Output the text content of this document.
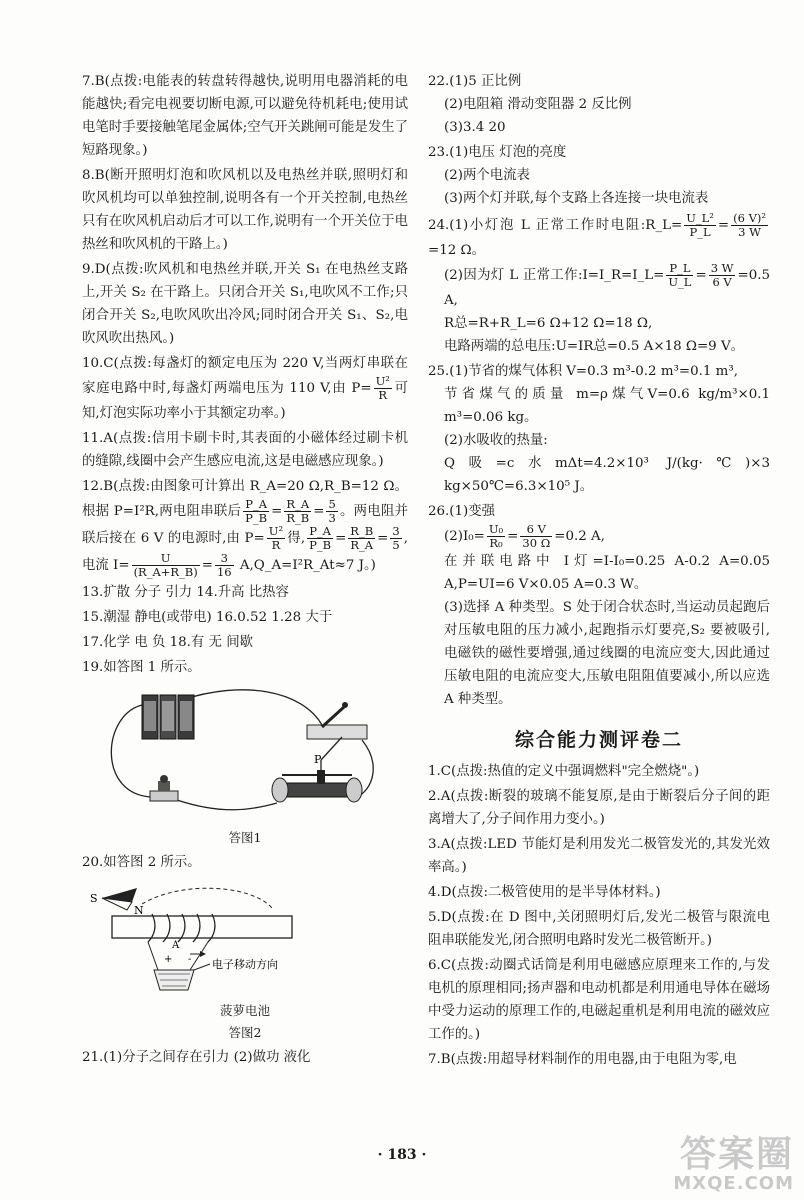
7.B(点拨:电能表的转盘转得越快,说明用电器消耗的电能越快;看完电视要切断电源,可以避免待机耗电;使用试电笔时手要接触笔尾金属体;空气开关跳闸可能是发生了短路现象。)

8.B(断开照明灯泡和吹风机以及电热丝并联,照明灯和吹风机均可以单独控制,说明各有一个开关控制,电热丝只有在吹风机启动后才可以工作,说明有一个开关位于电热丝和吹风机的干路上。)

9.D(点拨:吹风机和电热丝并联,开关 S₁ 在电热丝支路上,开关 S₂ 在干路上。只闭合开关 S₁,电吹风不工作;只闭合开关 S₂,电吹风吹出冷风;同时闭合开关 S₁、S₂,电吹风吹出热风。)

10.C(点拨:每盏灯的额定电压为 220 V,当两灯串联在家庭电路中时,每盏灯两端电压为 110 V,由 $P= \frac{\text{U²}}{R}$ 可知,灯泡实际功率小于其额定功率。)

11.A(点拨:信用卡刷卡时,其表面的小磁体经过刷卡机的缝隙,线圈中会产生感应电流,这是电磁感应现象。)

12.B(点拨:由图象可计算出 R_A=20 Ω,R_B=12 Ω。根据 P=I²R,两电阻串联后 $\frac{P\_A}{P\_B} = \frac{R\_A}{R\_B} = \frac{5}{3}$ 。两电阻并联后接在 6 V 的电源时,由 $P= \frac{\text{U²}}{R}$ 得, $\frac{P\_A}{P\_B} = \frac{R\_B}{R\_A} = \frac{3}{5}$ ,电流 $I= \frac{U}{(R\_A+R\_B)} = \frac{3}{16}$ A,Q_A=I²R_At≈7 J。)

13.扩散 分子 引力 14.升高 比热容

15.潮湿 静电(或带电) 16.0.52 1.28 大于

17.化学 电 负 18.有 无 间歇

19.如答图 1 所示。

P

答图1

20.如答图 2 所示。

S
N
A
+ - 电子移动方向

菠萝电池

答图2

21.(1)分子之间存在引力 (2)做功 液化

22.(1)5 正比例

(2)电阻箱 滑动变阻器 2 反比例

(3)3.4 20

23.(1)电压 灯泡的亮度

(2)两个电流表

(3)两个灯并联,每个支路上各连接一块电流表

24.(1)小灯泡 L 正常工作时电阻:R_L= $\frac{\text{U\_L²}}{P\_L} = \frac{\text{(6 V)²}}{3 W}$
=12 Ω。

(2)因为灯 L 正常工作:I=I_R=I_L= $\frac{P\_L}{U\_L} = \frac{3 W}{6 V} =0.5$ A,

R总=R+R_L=6 Ω+12 Ω=18 Ω,

电路两端的总电压:U=IR总=0.5 A×18 Ω=9 V。

25.(1)节省的煤气体积 V=0.3 m³-0.2 m³=0.1 m³,

节省煤气的质量 m=ρ煤气V=0.6 kg/m³×0.1 m³=0.06 kg。

(2)水吸收的热量:

Q吸=c水mΔt=4.2×10³ J/(kg·℃)×3 kg×50℃=6.3×10⁵ J。

26.(1)变强

$(2)I_0= \frac{\text{U₀}}{\text{R₀}} = \frac{6 V}{30 \Omega} =0.2$ A,

在并联电路中 I灯=I-I₀=0.25 A-0.2 A=0.05 A,P=UI=6 V×0.05 A=0.3 W。

(3)选择 A 种类型。S 处于闭合状态时,当运动员起跑后对压敏电阻的压力减小,起跑指示灯要亮,S₂ 要被吸引,电磁铁的磁性要增强,通过线圈的电流应变大,因此通过压敏电阻的电流应变大,压敏电阻阻值要减小,所以应选 A 种类型。

综合能力测评卷二

1.C(点拨:热值的定义中强调燃料"完全燃烧"。)

2.A(点拨:断裂的玻璃不能复原,是由于断裂后分子间的距离增大了,分子间作用力变小。)

3.A(点拨:LED 节能灯是利用发光二极管发光的,其发光效率高。)

4.D(点拨:二极管使用的是半导体材料。)

5.D(点拨:在 D 图中,关闭照明灯后,发光二极管与限流电阻串联能发光,闭合照明电路时发光二极管断开。)

6.C(点拨:动圈式话筒是利用电磁感应原理来工作的,与发电机的原理相同;扬声器和电动机都是利用通电导体在磁场中受力运动的原理工作的,电磁起重机是利用电流的磁效应工作的。)

7.B(点拨:用超导材料制作的用电器,由于电阻为零,电

· 183 ·	答案圈
MXQE.COM
